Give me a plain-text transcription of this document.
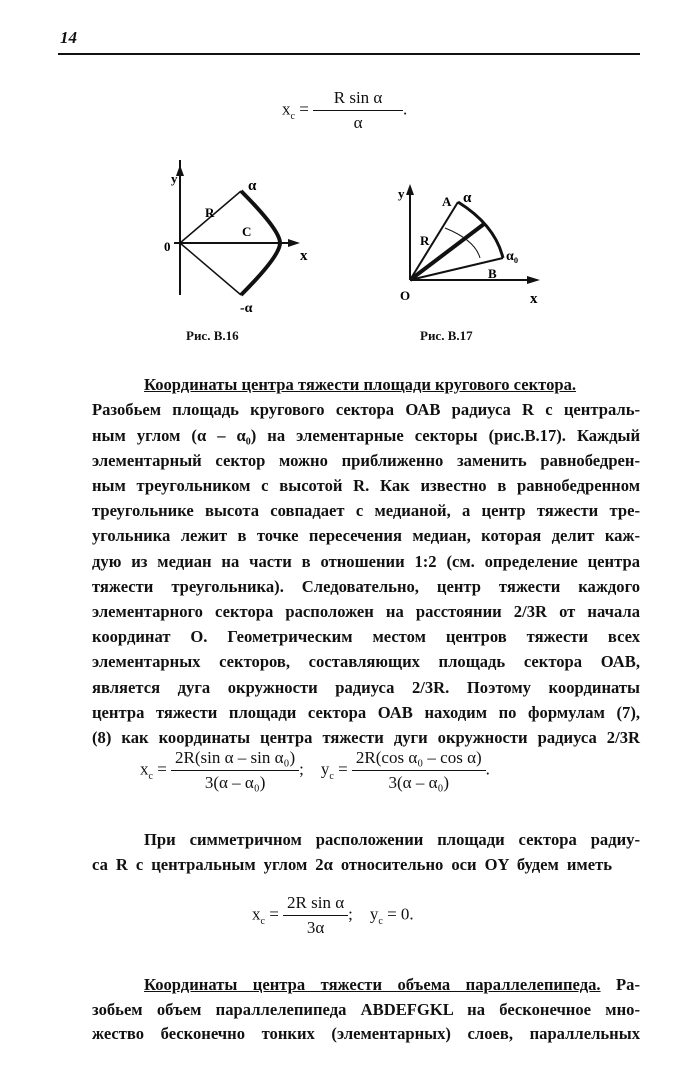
14
$x_c = \frac{\text{R sin α}}{\alpha}$ .
y
x
0
R
C
α
-α
y
O	x
R
A α
α₀
B
Рис. В.16	Рис. В.17
Координаты центра тяжести площади кругового сектора.
Разобьем площадь кругового сектора ОАВ радиуса R с централь-
ным углом (α – α₀) на элементарные секторы (рис.В.17). Каждый
элементарный сектор можно приближенно заменить равнобедрен-
ным треугольником с высотой R. Как известно в равнобедренном
треугольнике высота совпадает с медианой, а центр тяжести тре-
угольника лежит в точке пересечения медиан, которая делит каж-
дую из медиан на части в отношении 1:2 (см. определение центра
тяжести треугольника). Следовательно, центр тяжести каждого
элементарного сектора расположен на расстоянии 2/3R от начала
координат О. Геометрическим местом центров тяжести всех
элементарных секторов, составляющих площадь сектора ОАВ,
является дуга окружности радиуса 2/3R. Поэтому координаты
центра тяжести площади сектора ОАВ находим по формулам (7),
(8) как координаты центра тяжести дуги окружности радиуса 2/3R
$x_c = \frac{\text{2R(sin α – sin α₀)}}{\text{3(α – α₀)}}$ ;    $y_c = \frac{\text{2R(cos α₀ – cos α)}}{\text{3(α – α₀)}}$ .
При симметричном расположении площади сектора радиу-
са R с центральным углом 2α относительно оси OY будем иметь
$x_c = \frac{\text{2R sin α}}{3\alpha}$ ;    $y_c = 0$.
Координаты центра тяжести объема параллелепипеда. Ра-
зобьем объем параллелепипеда ABDEFGKL на бесконечное мно-
жество бесконечно тонких (элементарных) слоев, параллельных
